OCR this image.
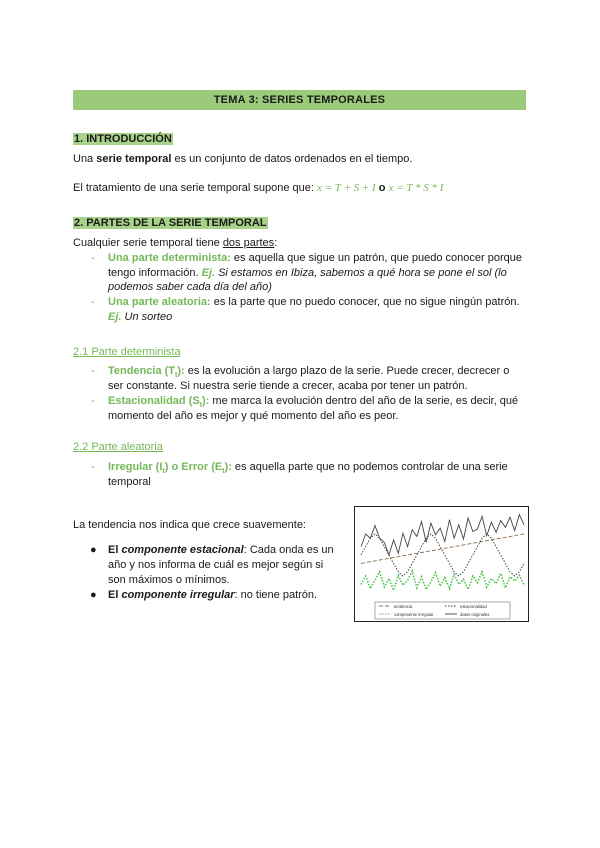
TEMA 3: SERIES TEMPORALES
1. INTRODUCCIÓN
Una serie temporal es un conjunto de datos ordenados en el tiempo.
El tratamiento de una serie temporal supone que: x = T + S + I o x = T * S * I
2. PARTES DE LA SERIE TEMPORAL
Cualquier serie temporal tiene dos partes:
- Una parte determinista: es aquella que sigue un patrón, que puedo conocer porque
tengo información. Ej. Si estamos en Ibiza, sabemos a qué hora se pone el sol (lo
podemos saber cada día del año)
- Una parte aleatoria: es la parte que no puedo conocer, que no sigue ningún patrón.
Ej. Un sorteo
2.1 Parte determinista
- Tendencia $(T_t)$: es la evolución a largo plazo de la serie. Puede crecer, decrecer o
ser constante. Si nuestra serie tiende a crecer, acaba por tener un patrón.
- Estacionalidad $(S_t)$: me marca la evolución dentro del año de la serie, es decir, qué
momento del año es mejor y qué momento del año es peor.
2.2 Parte aleatoria
- Irregular $(I_t)$ o Error $(E_t)$: es aquella parte que no podemos controlar de una serie
temporal
La tendencia nos indica que crece suavemente:
● El componente estacional: Cada onda es un
año y nos informa de cuál es mejor según si
son máximos o mínimos.
● El componente irregular: no tiene patrón.
tendencia	estacionalidad
componente irregular	datos originales
